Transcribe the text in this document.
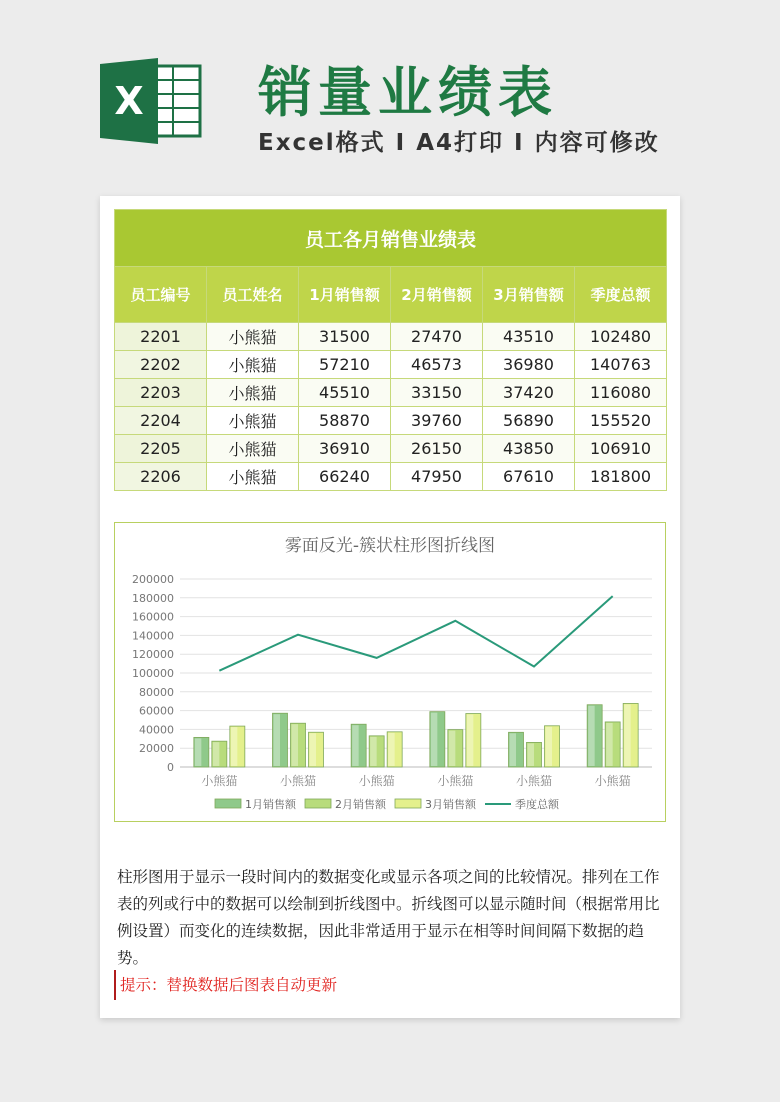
X 销量业绩表
Excel格式 I A4打印 I 内容可修改
员工各月销售业绩表					
员工编号	员工姓名	1月销售额	2月销售额	3月销售额	季度总额
2201	小熊猫	31500	27470	43510	102480
2202	小熊猫	57210	46573	36980	140763
2203	小熊猫	45510	33150	37420	116080
2204	小熊猫	58870	39760	56890	155520
2205	小熊猫	36910	26150	43850	106910
2206	小熊猫	66240	47950	67610	181800
雾面反光-簇状柱形图折线图
0
20000
40000
60000
80000
100000
120000
140000
160000
180000
200000
小熊猫	小熊猫	小熊猫	小熊猫	小熊猫	小熊猫
1月销售额	2月销售额	3月销售额	季度总额
柱形图用于显示一段时间内的数据变化或显示各项之间的比较情况。排列在工作表的列或行中的数据可以绘制到折线图中。折线图可以显示随时间（根据常用比例设置）而变化的连续数据，因此非常适用于显示在相等时间间隔下数据的趋势。
提示：替换数据后图表自动更新
